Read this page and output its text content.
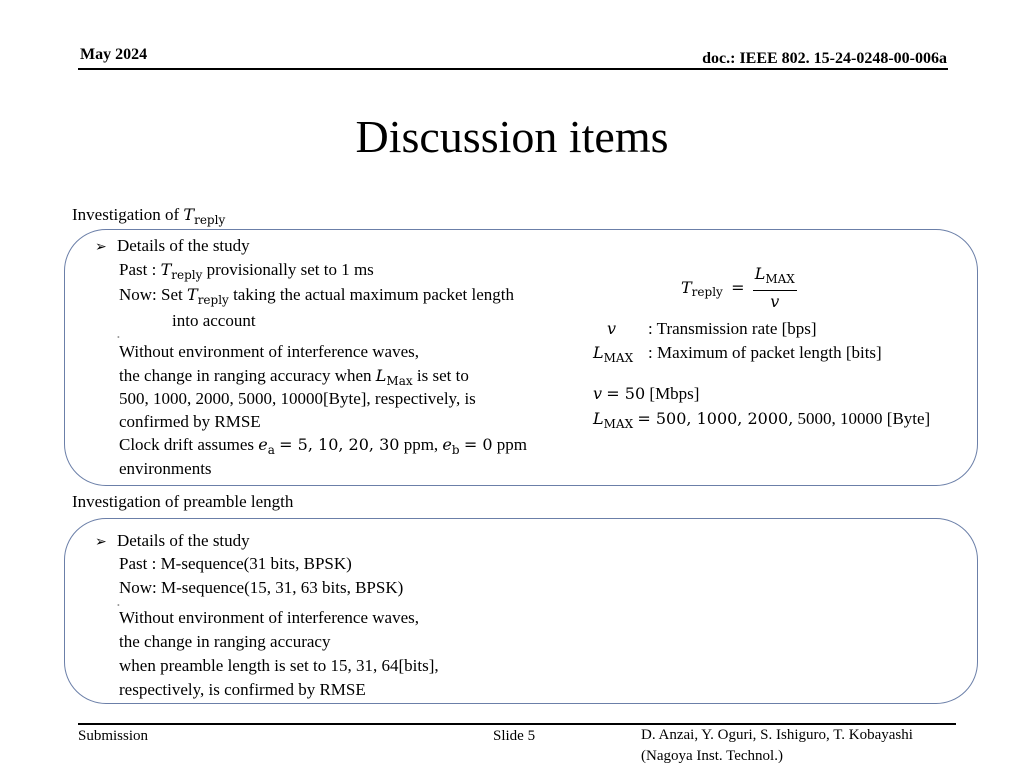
May 2024	doc.: IEEE 802. 15-24-0248-00-006a
Discussion items
Investigation of $T_{reply}$
➢ Details of the study
Past : $T_{reply}$ provisionally set to 1 ms
Now: Set $T_{reply}$ taking the actual maximum packet length
into account
•
Without environment of interference waves,
the change in ranging accuracy when $L_{Max}$ is set to
500, 1000, 2000, 5000, 10000[Byte], respectively, is
confirmed by RMSE
Clock drift assumes $e_a = 5$, 10, 20, 30 ppm, $e_b = 0$ ppm
environments
$T_{reply} = \frac{L_{MAX}}{v}$
v : Transmission rate [bps]
$L_{MAX}$ : Maximum of packet length [bits]
v = 50 [Mbps]
$L_{MAX} = 500$, 1000, 2000, 5000, 10000 [Byte]
Investigation of preamble length
➢ Details of the study
Past : M-sequence(31 bits, BPSK)
Now: M-sequence(15, 31, 63 bits, BPSK)
•
Without environment of interference waves,
the change in ranging accuracy
when preamble length is set to 15, 31, 64[bits],
respectively, is confirmed by RMSE
Submission	Slide 5	D. Anzai, Y. Oguri, S. Ishiguro, T. Kobayashi
(Nagoya Inst. Technol.)
